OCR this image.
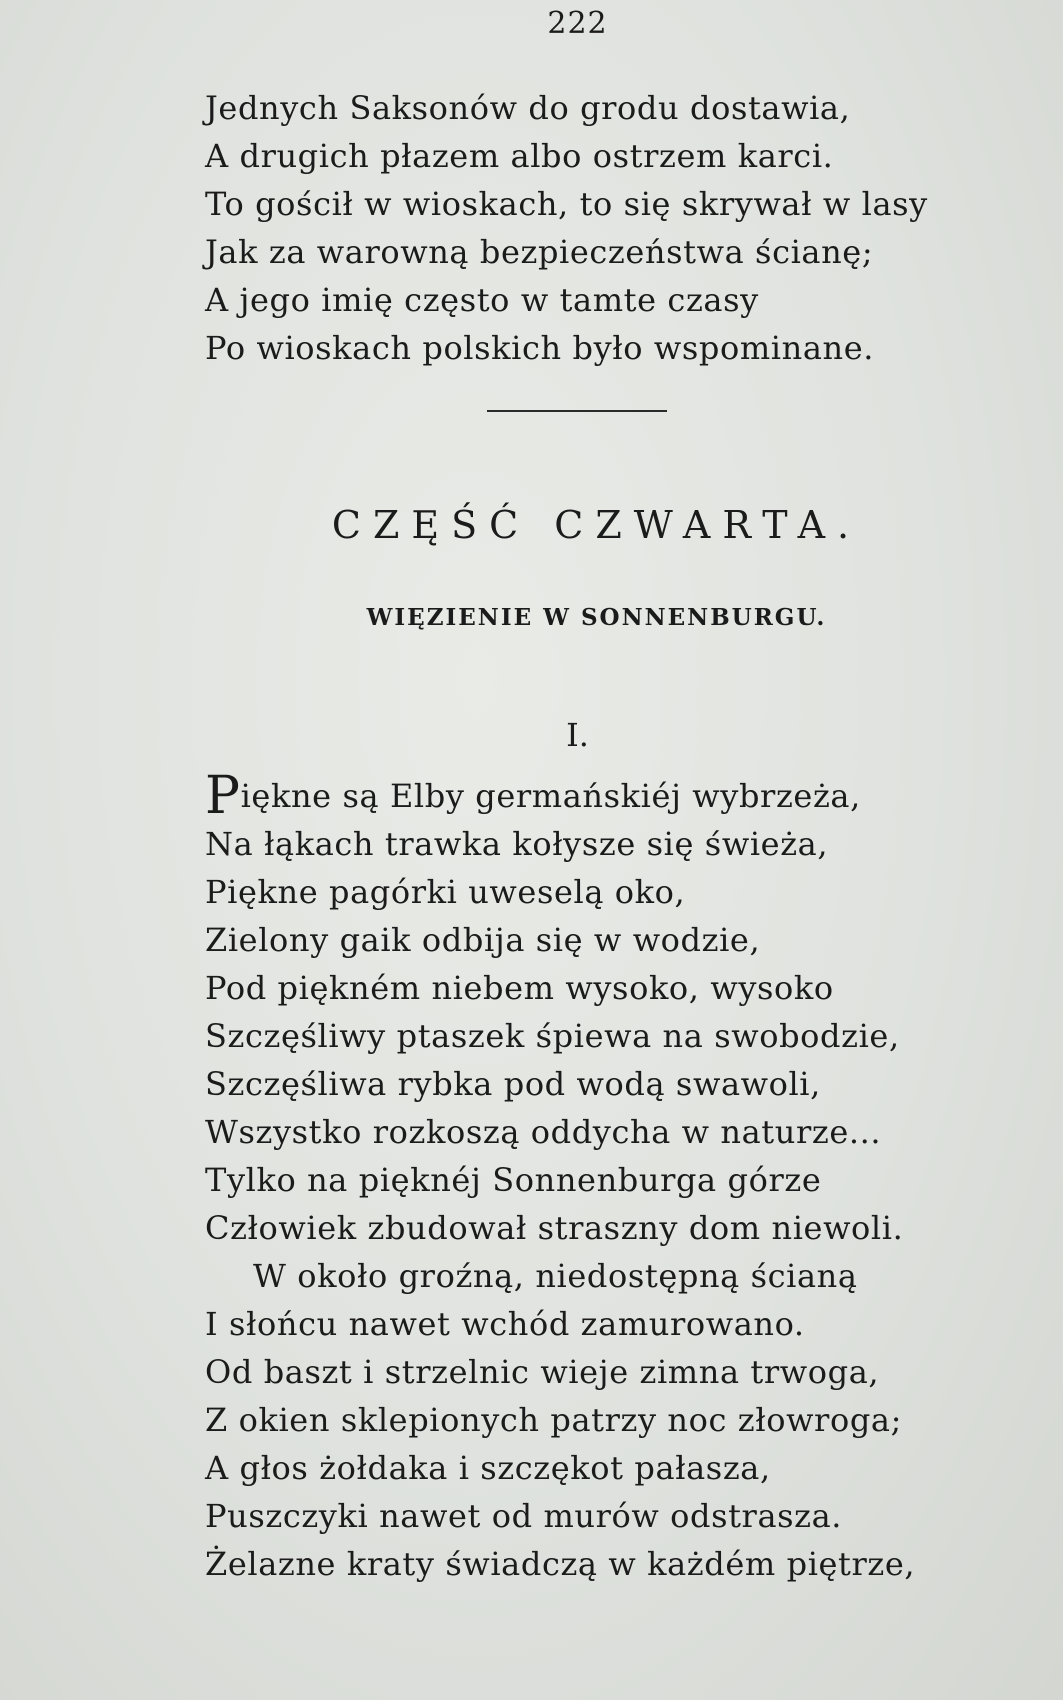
222
Jednych Saksonów do grodu dostawia,
A drugich płazem albo ostrzem karci.
To gościł w wioskach, to się skrywał w lasy
Jak za warowną bezpieczeństwa ścianę;
A jego imię często w tamte czasy
Po wioskach polskich było wspominane.
CZĘŚĆ CZWARTA.
WIĘZIENIE W SONNENBURGU.
I.
Piękne są Elby germańskiéj wybrzeża,
Na łąkach trawka kołysze się świeża,
Piękne pagórki uweselą oko,
Zielony gaik odbija się w wodzie,
Pod piękném niebem wysoko, wysoko
Szczęśliwy ptaszek śpiewa na swobodzie,
Szczęśliwa rybka pod wodą swawoli,
Wszystko rozkoszą oddycha w naturze...
Tylko na pięknéj Sonnenburga górze
Człowiek zbudował straszny dom niewoli.
W około groźną, niedostępną ścianą
I słońcu nawet wchód zamurowano.
Od baszt i strzelnic wieje zimna trwoga,
Z okien sklepionych patrzy noc złowroga;
A głos żołdaka i szczękot pałasza,
Puszczyki nawet od murów odstrasza.
Żelazne kraty świadczą w każdém piętrze,
